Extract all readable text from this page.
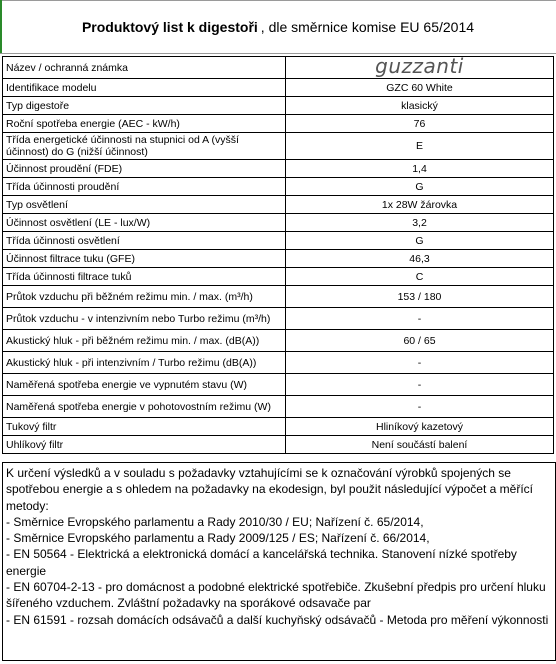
Produktový list k digestoři , dle směrnice komise EU 65/2014
Název / ochranná známka	guzzanti
Identifikace modelu	GZC 60 White
Typ digestoře	klasický
Roční spotřeba energie (AEC - kW/h)	76
Třída energetické účinnosti na stupnici od A (vyšší účinnost) do G (nižší účinnost)	E
Účinnost proudění (FDE)	1,4
Třída účinnosti proudění	G
Typ osvětlení	1x 28W žárovka
Účinnost osvětlení (LE - lux/W)	3,2
Třída účinnosti osvětlení	G
Účinnost filtrace tuku (GFE)	46,3
Třída účinnosti filtrace tuků	C
Průtok vzduchu při běžném režimu min. / max. (m³/h)	153 / 180
Průtok vzduchu - v intenzivním nebo Turbo režimu (m³/h)	-
Akustický hluk - při běžném režimu min. / max. (dB(A))	60 / 65
Akustický hluk - při intenzivním / Turbo režimu (dB(A))	-
Naměřená spotřeba energie ve vypnutém stavu (W)	-
Naměřená spotřeba energie v pohotovostním režimu (W)	-
Tukový filtr	Hliníkový kazetový
Uhlíkový filtr	Není součástí balení

K určení výsledků a v souladu s požadavky vztahujícími se k označování výrobků spojených se spotřebou energie a s ohledem na požadavky na ekodesign, byl použit následující výpočet a měřící metody:

- Směrnice Evropského parlamentu a Rady 2010/30 / EU; Nařízení č. 65/2014,

- Směrnice Evropského parlamentu a Rady 2009/125 / ES; Nařízení č. 66/2014,

- EN 50564 - Elektrická a elektronická domácí a kancelářská technika. Stanovení nízké spotřeby energie

- EN 60704-2-13 - pro domácnost a podobné elektrické spotřebiče. Zkušební předpis pro určení hluku šířeného vzduchem. Zvláštní požadavky na sporákové odsavače par

- EN 61591 - rozsah domácích odsávačů a další kuchyňský odsávačů - Metoda pro měření výkonnosti
